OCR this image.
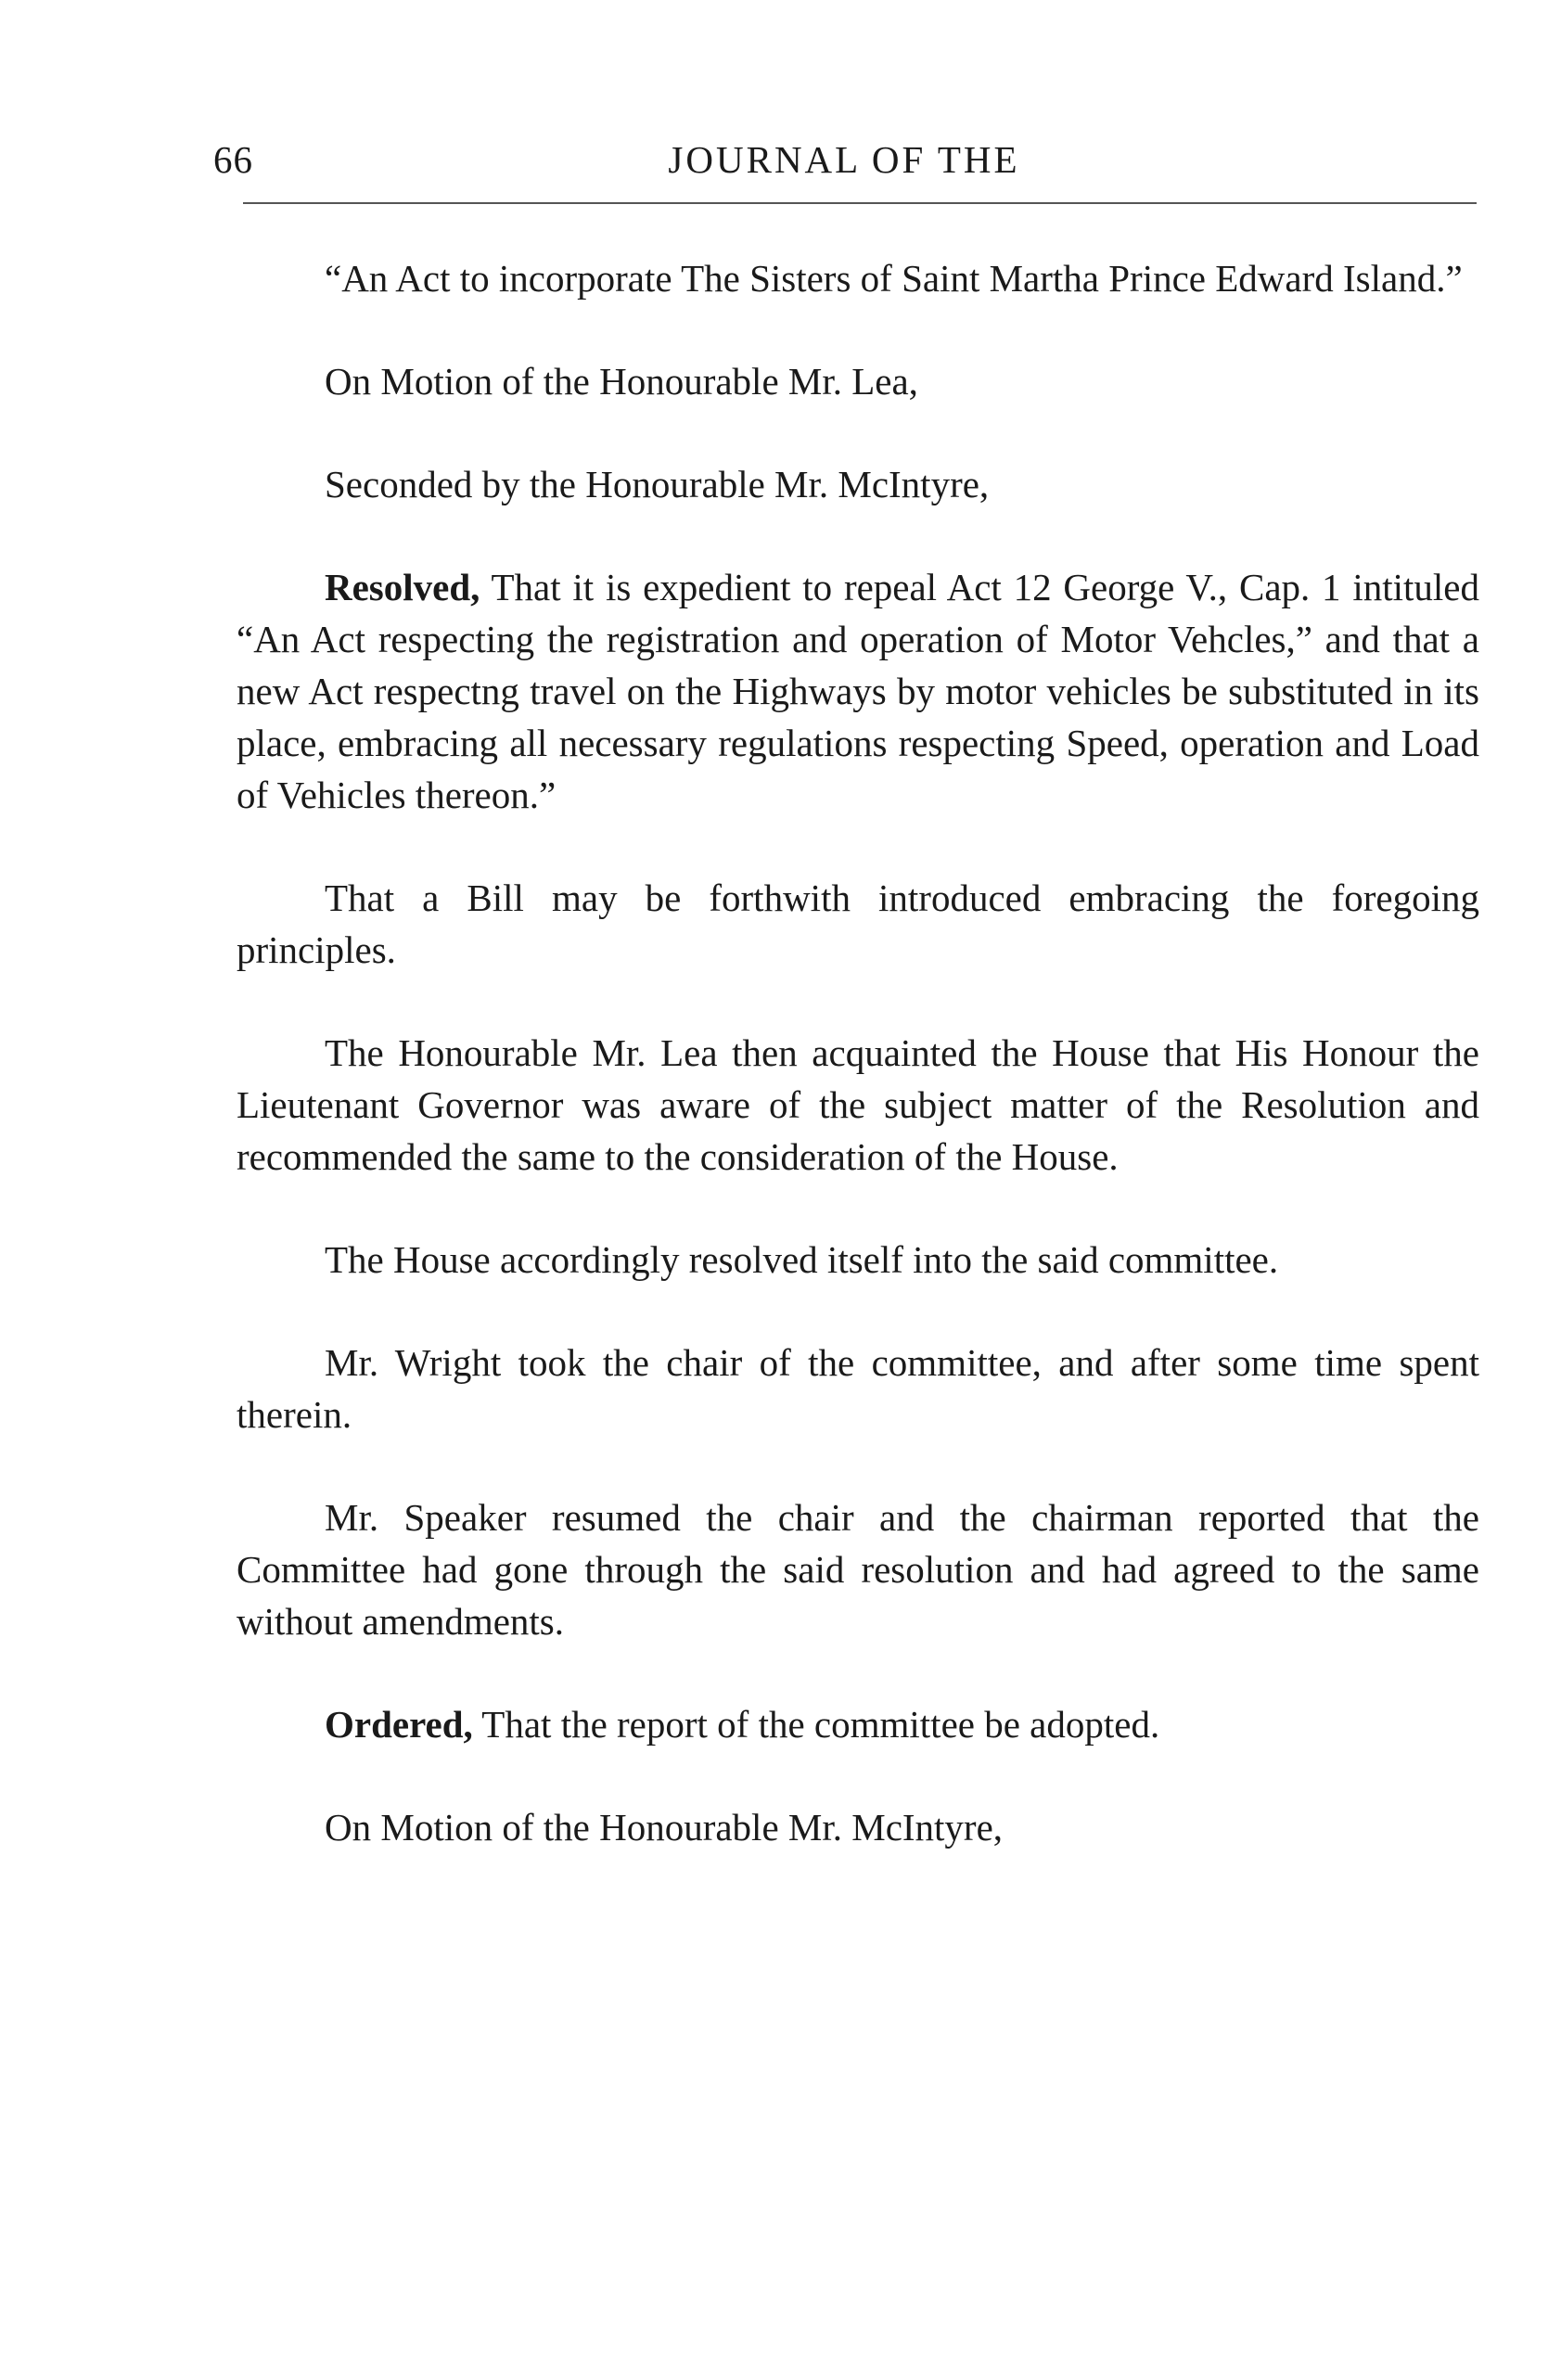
66	JOURNAL OF THE

“An Act to incorporate The Sisters of Saint Martha Prince Edward Island.”

On Motion of the Honourable Mr. Lea,

Seconded by the Honourable Mr. McIntyre,

Resolved, That it is expedient to repeal Act 12 George V., Cap. 1 intituled “An Act respecting the registration and operation of Motor Vehcles,” and that a new Act respectng travel on the Highways by motor vehicles be substituted in its place, embracing all necessary regulations respecting Speed, operation and Load of Vehicles thereon.”

That a Bill may be forthwith introduced embracing the foregoing principles.

The Honourable Mr. Lea then acquainted the House that His Honour the Lieutenant Governor was aware of the subject matter of the Resolution and recommended the same to the consideration of the House.

The House accordingly resolved itself into the said committee.

Mr. Wright took the chair of the committee, and after some time spent therein.

Mr. Speaker resumed the chair and the chairman reported that the Committee had gone through the said resolution and had agreed to the same without amendments.

Ordered, That the report of the committee be adopted.

On Motion of the Honourable Mr. McIntyre,
